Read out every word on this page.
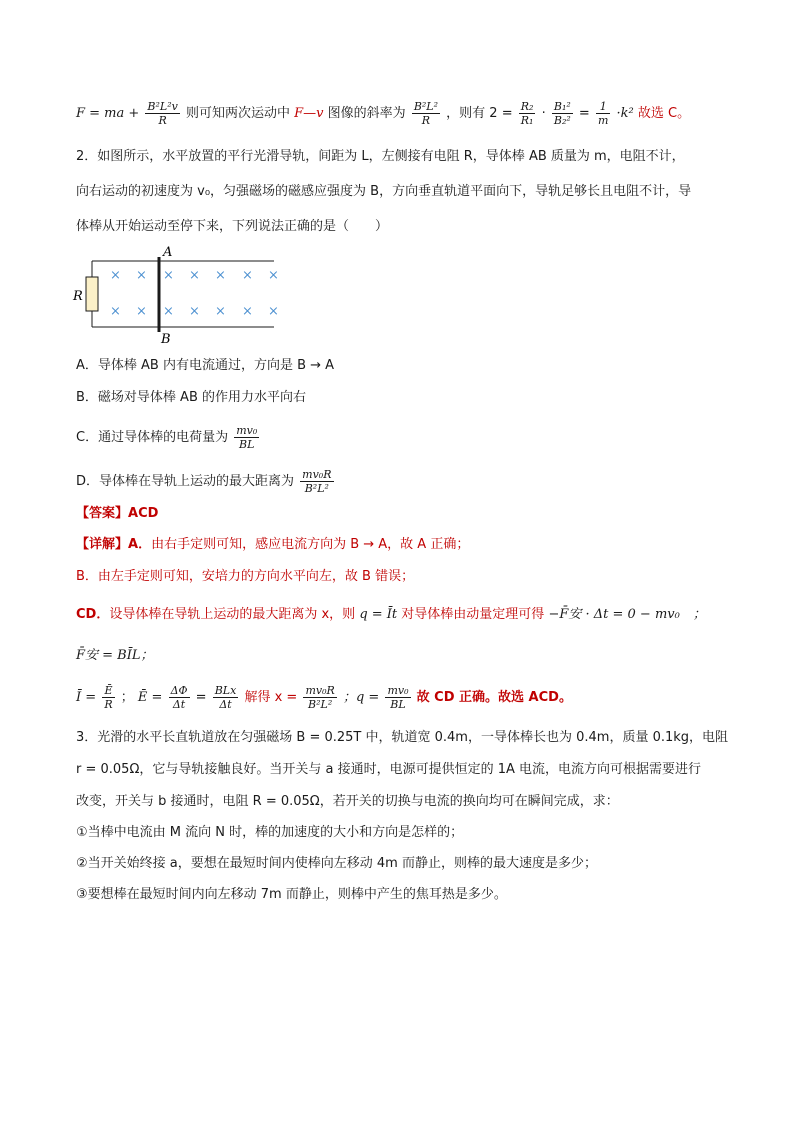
F = ma + $\frac{\text{B²L²v}}{R}$ 则可知两次运动中 F—v 图像的斜率为 $\frac{\text{B²L²}}{R}$ ，则有 $2 = \frac{\text{R₂}}{\text{R₁}} \cdot \frac{\text{B₁²}}{\text{B₂²}} = \frac{1}{m} \cdot k^2$ 故选 C。
2．如图所示，水平放置的平行光滑导轨，间距为 L，左侧接有电阻 R，导体棒 AB 质量为 m，电阻不计，
向右运动的初速度为 v₀，匀强磁场的磁感应强度为 B，方向垂直轨道平面向下，导轨足够长且电阻不计，导
体棒从开始运动至停下来，下列说法正确的是（　　）
R
A
B
× × × × × × ×
× × × × × × ×
A．导体棒 AB 内有电流通过，方向是 B → A
B．磁场对导体棒 AB 的作用力水平向右
C．通过导体棒的电荷量为 $\frac{\text{mv₀}}{BL}$
D．导体棒在导轨上运动的最大距离为 $\frac{\text{mv₀R}}{\text{B²L²}}$
【答案】ACD
【详解】A．由右手定则可知，感应电流方向为 B → A，故 A 正确；
B．由左手定则可知，安培力的方向水平向左，故 B 错误；
CD．设导体棒在导轨上运动的最大距离为 x，则 q = Īt 对导体棒由动量定理可得 −F̄安 · Δt = 0 − mv₀　；
F̄安 = BĪL；
Ī = $\frac{Ē}{R}$ ； Ē = $\frac{\Delta\Phi}{\Delta t} = \frac{\text{BLx}}{\Delta t}$ 解得 $x = \frac{\text{mv₀R}}{\text{B²L²}}$ ；$q = \frac{\text{mv₀}}{BL}$ 故 CD 正确。故选 ACD。
3．光滑的水平长直轨道放在匀强磁场 B = 0.25T 中，轨道宽 0.4m，一导体棒长也为 0.4m，质量 0.1kg，电阻
r = 0.05Ω，它与导轨接触良好。当开关与 a 接通时，电源可提供恒定的 1A 电流，电流方向可根据需要进行
改变，开关与 b 接通时，电阻 R = 0.05Ω，若开关的切换与电流的换向均可在瞬间完成，求：
①当棒中电流由 M 流向 N 时，棒的加速度的大小和方向是怎样的；
②当开关始终接 a，要想在最短时间内使棒向左移动 4m 而静止，则棒的最大速度是多少；
③要想棒在最短时间内向左移动 7m 而静止，则棒中产生的焦耳热是多少。
